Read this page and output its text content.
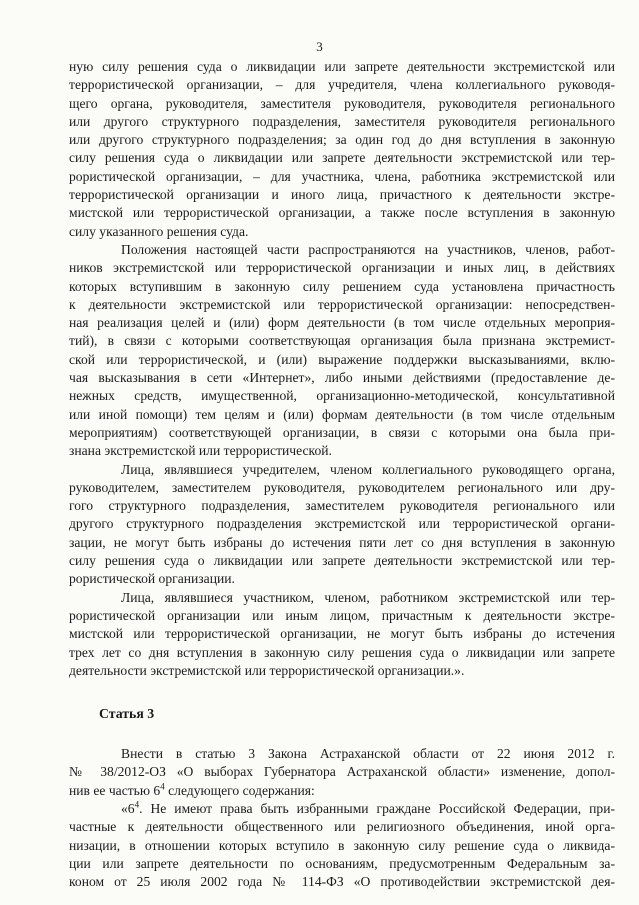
3
ную силу решения суда о ликвидации или запрете деятельности экстремистской или
террористической организации, – для учредителя, члена коллегиального руководя-
щего органа, руководителя, заместителя руководителя, руководителя регионального
или другого структурного подразделения, заместителя руководителя регионального
или другого структурного подразделения; за один год до дня вступления в законную
силу решения суда о ликвидации или запрете деятельности экстремистской или тер-
рористической организации, – для участника, члена, работника экстремистской или
террористической организации и иного лица, причастного к деятельности экстре-
мистской или террористической организации, а также после вступления в законную
силу указанного решения суда.
Положения настоящей части распространяются на участников, членов, работ-
ников экстремистской или террористической организации и иных лиц, в действиях
которых вступившим в законную силу решением суда установлена причастность
к деятельности экстремистской или террористической организации: непосредствен-
ная реализация целей и (или) форм деятельности (в том числе отдельных мероприя-
тий), в связи с которыми соответствующая организация была признана экстремист-
ской или террористической, и (или) выражение поддержки высказываниями, вклю-
чая высказывания в сети «Интернет», либо иными действиями (предоставление де-
нежных средств, имущественной, организационно-методической, консультативной
или иной помощи) тем целям и (или) формам деятельности (в том числе отдельным
мероприятиям) соответствующей организации, в связи с которыми она была при-
знана экстремистской или террористической.
Лица, являвшиеся учредителем, членом коллегиального руководящего органа,
руководителем, заместителем руководителя, руководителем регионального или дру-
гого структурного подразделения, заместителем руководителя регионального или
другого структурного подразделения экстремистской или террористической органи-
зации, не могут быть избраны до истечения пяти лет со дня вступления в законную
силу решения суда о ликвидации или запрете деятельности экстремистской или тер-
рористической организации.
Лица, являвшиеся участником, членом, работником экстремистской или тер-
рористической организации или иным лицом, причастным к деятельности экстре-
мистской или террористической организации, не могут быть избраны до истечения
трех лет со дня вступления в законную силу решения суда о ликвидации или запрете
деятельности экстремистской или террористической организации.».
Статья 3
Внести в статью 3 Закона Астраханской области от 22 июня 2012 г.
№ 38/2012-ОЗ «О выборах Губернатора Астраханской области» изменение, допол-
нив ее частью $6^4$ следующего содержания:
«$6^4$. Не имеют права быть избранными граждане Российской Федерации, при-
частные к деятельности общественного или религиозного объединения, иной орга-
низации, в отношении которых вступило в законную силу решение суда о ликвида-
ции или запрете деятельности по основаниям, предусмотренным Федеральным за-
коном от 25 июля 2002 года № 114-ФЗ «О противодействии экстремистской дея-
